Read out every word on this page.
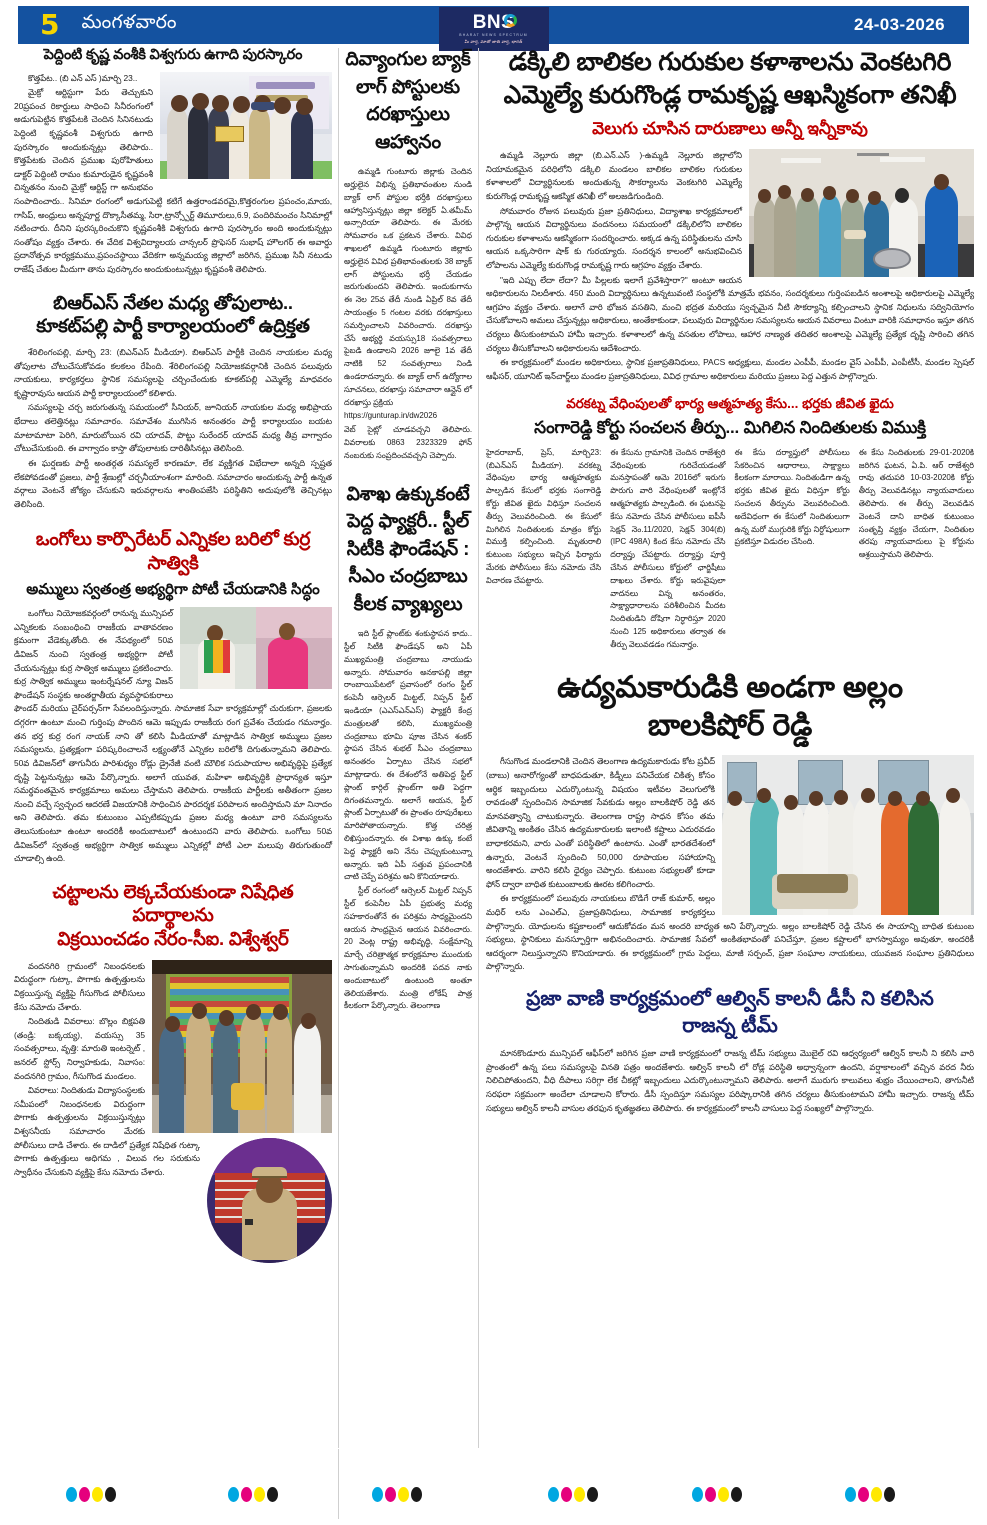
5 మంగళవారం	BNS
BHARAT NEWS SPECTRUM
మీ వార్త, మాతో జాతి వార్త, భారత్
24-03-2026
పెద్దింటి కృష్ణ వంశీకి విశ్వగురు ఉగాది పురస్కారం

కొత్తపేట.. (బి ఎన్ ఎస్ )మార్చి 23..

మైక్రో ఆర్టిస్టుగా పేరు తెచ్చుకుని 20ప్రపంచ రికార్డులు సాధించి సినీరంగంలో అడుగుపెట్టిన కొత్తపేటకి చెందిన సినినటుడు పెద్దింటి కృష్ణవంశీ విశ్వగురు ఉగాది పురస్కారం అందుకున్నట్లు తెలిపారు.. కొత్తపేటకు చెందిన ప్రముఖ పురోహితులు డాక్టర్ పెద్దింటి రామం కుమారుడైన కృష్ణవంశీ చిన్నతనం నుంచి మైక్రో ఆర్టిస్ట్ గా అనుభవం సంపాదించారు.. సినిమా రంగంలో అడుగుపెట్టి కటిగే ఉత్తరాండవరమై,కొత్తరంగుల ప్రపంచం,మాయ, గాసిప్, అంధ్రులు అన్నపూర్ణ దొక్కాసీతమ్మ, సిరా,ట్రాన్స్పోర్ట్ తిమూరులు,6.9, పందిరిమంచం సినిమాల్లో నటించారు. దీనిని పురస్కరించుకొని కృష్ణవంశీకి విశ్వగురు ఉగాది పురస్కారం అంది అందుకున్నట్లు సంతోషం వ్యక్తం చేశారు. ఈ వేదిక విశ్వవిద్యాలయ చాన్సలర్ ప్రొఫెసర్ సుభాష్ హౌలగర్ ఈ అవార్డు ప్రదానోత్సవ కార్యక్రమము,ప్రపంచస్థాయి వేదికగా అన్నమయ్య జిల్లాలో జరిగిన, ప్రముఖ సినీ నటుడు రాజేష్ చేతుల మీదుగా తాను పురస్కారం అందుకుంటున్నట్లు కృష్ణవంశీ తెలిపారు.

బిఆర్ఎస్ నేతల మధ్య తోపులాట..
కూకట్‌పల్లి పార్టీ కార్యాలయంలో ఉద్రిక్తత

శేరిలింగంపల్లి, మార్చి 23: (బిఎన్ఎస్ మీడియా). బిఆర్ఎస్ పార్టీకి చెందిన నాయకుల మధ్య తోపులాట చోటుచేసుకోవడం కలకలం రేపింది. శేరిలింగంపల్లి నియోజకవర్గానికి చెందిన పలువురు నాయకులు, కార్యకర్తలు స్థానిక సమస్యలపై చర్చించేందుకు కూకట్‌పల్లి ఎమ్మెల్యే మాధవరం కృష్ణారావుసు ఆయన పార్టీ కార్యాలయంలో కలిశారు.

సమస్యలపై చర్చ జరుగుతున్న సమయంలో సీనియర్, జూనియర్ నాయకుల మధ్య అభిప్రాయ భేదాలు తలెత్తినట్లు సమాచారం. సమావేశం ముగిసిన అనంతరం పార్టీ కార్యాలయం బయట మాటామాటా పెరిగి, మారుబోయిన రవి యాదవ్, పొట్టు సురేందర్ యాదవ్ మధ్య తీవ్ర వాగ్వాదం చోటుచేసుకుంది. ఈ వాగ్వాదం కాస్తా తోపులాటకు దారితీసినట్లు తెలిసింది.

ఈ ఘర్షణకు పార్టీ అంతర్గత సమస్యలే కారణమా, లేక వ్యక్తిగత విభేదాలా అన్నది స్పష్టత లేకపోవడంతో ప్రజలు, పార్టీ శ్రేణుల్లో చర్చనీయాంశంగా మారింది. సమాచారం అందుకున్న పార్టీ ఉన్నత వర్గాలు వెంటనే జోక్యం చేసుకుని ఇరువర్గాలను శాంతింపజేసి పరిస్థితిని అదుపులోకి తెచ్చినట్లు తెలిసింది.

ఒంగోలు కార్పొరేటర్ ఎన్నికల బరిలో కుర్ర సాత్వికి
అమ్ములు స్వతంత్ర అభ్యర్థిగా పోటీ చేయడానికి సిద్ధం

ఒంగోలు నియోజకవర్గంలో రానున్న మున్సిపల్ ఎన్నికలకు సంబంధించి రాజకీయ వాతావరణం క్రమంగా వేడెక్కుతోంది. ఈ నేపథ్యంలో 50వ డివిజన్ నుంచి స్వతంత్ర అభ్యర్థిగా పోటీ చేయనున్నట్లు కుర్ర సాత్విక అమ్ములు ప్రకటించారు. కుర్ర సాత్విక అమ్ములు ఇంటర్నేషనల్ న్యూ విజన్ ఫౌండేషన్ సంస్థకు అంతర్జాతీయ వ్యవస్థాపకురాలు ఫౌండర్ మరియు చైర్‌పర్సన్‌గా సేవలందిస్తున్నారు. సామాజిక సేవా కార్యక్రమాల్లో చురుకుగా, ప్రజలకు దగ్గరగా ఉంటూ మంచి గుర్తింపు పొందిన ఆమె ఇప్పుడు రాజకీయ రంగ ప్రవేశం చేయడం గమనార్హం. తన భర్త కుర్ర రంగ నాయక్ నాని తో కలిసి మీడియాతో మాట్లాడిన సాత్విక అమ్ములు ప్రజల సమస్యలను, ప్రత్యక్షంగా పరిష్కరించాలనే లక్ష్యంతోనే ఎన్నికల బరిలోకి దిగుతున్నామని తెలిపారు. 50వ డివిజన్‌లో తాగునీరు పారిశుధ్యం రోడ్లు డ్రైనేజీ వంటి మౌలిక సదుపాయాల అభివృద్ధిపై ప్రత్యేక దృష్టి పెట్టనున్నట్లు ఆమె పేర్కొన్నారు. అలాగే యువత, మహిళా అభివృద్ధికి ప్రాధాన్యత ఇస్తూ సమర్థవంతమైన కార్యక్రమాలు అమలు చేస్తామని తెలిపారు. రాజకీయ పార్టీలకు అతీతంగా ప్రజల నుంచి వచ్చే స్వచ్ఛంద ఆదరణే విజయానికి సాధించిన పారదర్శక పరిపాలన అందిస్తామని మా నినాదం అని తెలిపారు. తమ కుటుంబం ఎప్పటికప్పుడు ప్రజల మధ్య ఉంటూ వారి సమస్యలను తెలుసుకుంటూ ఉంటూ అందరికీ అందుబాటులో ఉంటుందని వారు తెలిపారు. ఒంగోలు 50వ డివిజన్‌లో స్వతంత్ర అభ్యర్థిగా సాత్విక అమ్ములు ఎన్నికల్లో పోటీ ఎలా మలుపు తిరుగుతుందో చూడాల్సి ఉంది.

చట్టాలను లెక్కచేయకుండా నిషేధిత పదార్థాలను
విక్రయించడం నేరం-సీఐ. విశ్వేశ్వర్

వందనగిరి గ్రామంలో నిబంధనలకు విరుద్ధంగా గుట్కా, పొగాకు ఉత్పత్తులను విక్రయిస్తున్న వ్యక్తిపై గీసుగొండ పోలీసులు కేసు నమోదు చేశారు.

నిందితుడి వివరాలు: బొల్లం బిక్షపతి (తండ్రి: బక్కయ్య), వయస్సు 35 సంవత్సరాలు, వృత్తి: మారుతి ఇంటర్నెట్ , జనరల్ స్టోర్స్ నిర్వాహకుడు, నివాసం: వందనగిరి గ్రామం, గీసుగొండ మండలం.

వివరాలు: నిందితుడు విద్యాసంస్థలకు సమీపంలో నిబంధనలకు విరుద్ధంగా పొగాకు ఉత్పత్తులను విక్రయిస్తున్నట్లు విశ్వసనీయ సమాచారం మేరకు పోలీసులు దాడి చేశారు. ఈ దాడిలో ప్రత్యేక నిషేధిత గుట్కా పొగాకు ఉత్పత్తులు అధిగమ , విలువ గల సరుకును స్వాధీనం చేసుకుని వ్యక్తిపై కేసు నమోదు చేశారు.

దివ్యాంగుల బ్యాక్ లాగ్ పోస్టులకు దరఖాస్తులు ఆహ్వానం

ఉమ్మడి గుంటూరు జిల్లాకు చెందిన అర్హులైన విభిన్న ప్రతిభావంతుల నుండి బ్యాక్ లాగ్ పోస్టుల భర్తీకి దరఖాస్తులు ఆహ్వానిస్తున్నట్లు జిల్లా కలెక్టర్ ఏ.తమీమ్ అన్సారియా తెలిపారు. ఈ మేరకు సోమవారం ఒక ప్రకటన చేశారు. వివిధ శాఖలలో ఉమ్మడి గుంటూరు జిల్లాకు అర్హులైన వివిధ ప్రతిభావంతులకు 38 బ్యాక్ లాగ్ పోస్టులను భర్తీ చేయడం జరుగుతుందని తెలిపారు. ఇందుకుగాను ఈ నెల 25వ తేదీ నుండి ఏప్రిల్ 8వ తేదీ సాయంత్రం 5 గంటల వరకు దరఖాస్తులు సమర్పించాలని వివరించారు. దరఖాస్తు చేసే అభ్యర్థి వయస్సు18 సంవత్సరాలు పైబడి ఉండాలని 2026 జూలై 1వ తేదీ నాటికి 52 సంవత్సరాలు నిండి ఉండరాదన్నారు. ఈ బ్యాక్ లాగ్ ఉద్యోగాల సూచనలు, దరఖాస్తు సమాచారా ఆన్లైన్ లో దరఖాస్తు ప్రక్రియ

https://gunturap.in/dw2026

వెబ్ సైట్లో చూడవచ్చని తెలిపారు. వివరాలకు 0863 2323329 ఫోన్ నంబరుకు సంప్రదించవచ్చని చెప్పారు.

విశాఖ ఉక్కుకంటే పెద్ద ఫ్యాక్టరీ.. స్టీల్ సిటీకి ఫౌండేషన్ : సీఎం చంద్రబాబు కీలక వ్యాఖ్యలు

ఇది స్టీల్ ప్లాంట్‌కు శంకుస్థాపన కాదు.. స్టీల్ సిటీకి ఫౌండేషన్ అని ఏపీ ముఖ్యమంత్రి చంద్రబాబు నాయుడు అన్నారు. సోమవారం అనకాపల్లి జిల్లా రాంబాయిపేటలో ప్రవాసంలో రంగం స్టీల్ కంపెనీ ఆర్సెలర్ మిట్టల్, నిప్పన్ స్టీల్ ఇండియా (ఎఎస్ఎన్ఎస్) ఫ్యాక్టరీ కేంద్ర మంత్రులతో కలిసి, ముఖ్యమంత్రి చంద్రబాబు భూమి పూజ చేసిన శంకర్ స్థాపన చేసిన శుభల్ సీఎం చంద్రబాబు అనంతరం ఏర్పాటు చేసిన సభలో మాట్లాడారు. ఈ దేశంలోనే అతిపెద్ద స్టీల్ ప్లాంట్ కార్గిల్ ప్లాంట్‌గా అతి పెద్దగా దిగంతమన్నారు. అలాగే ఆయన, స్టీల్ ప్లాంట్ ఏర్పాటుతో ఈ ప్రాంతం రూపురేఖలు మారిపోతాయన్నారు. కొత్త చరిత్ర లిఖిస్తుందన్నారు. ఈ విశాఖ ఉక్కు కంటే పెద్ద ఫ్యాక్టరీ అని నేను చెప్పుకుంటున్నా అన్నారు. ఇది ఏపీ సత్తువ ప్రపంచానికి చాటి చెప్పే పరిశ్రమ అని కొనియాడారు.

స్టీల్ రంగంలో ఆర్సెలర్ మిట్టల్ నిప్పన్ స్టీల్ కంపెనీల ఏపీ ప్రభుత్వ మధ్య సహకారంతోనే ఈ పరిశ్రమ సాధ్యమైందని ఆయన సాంధ్రమైన ఆయన వివరించారు. 20 వెంట్ల రాష్ట్ర అభివృద్ధి, సంక్షేమాన్ని మార్చే చరిత్రాత్మక కార్యక్రమాల ముందుకు సాగుతున్నామని అందరికి పదవ నాకు అందుబాటులో ఉంటుంది అంతూ తెలియజేశారు. మంత్రి లోకేష్ పాత్ర కీలకంగా పేర్కొన్నారు. తెలంగాణ

డక్కిలి బాలికల గురుకుల కళాశాలను వెంకటగిరి
ఎమ్మెల్యే కురుగొండ్ల రామకృష్ణ ఆఖస్మికంగా తనిఖీ
వెలుగు చూసిన దారుణాలు అన్నీ ఇన్నీకావు

ఉమ్మడి నెల్లూరు జిల్లా (బి.ఎన్.ఎస్ )-ఉమ్మడి నెల్లూరు జిల్లాలోని నియామకమైన పరిధిలోని డక్కిలి మండలం బాలికల బాలికల గురుకుల కళాశాలలో విద్యార్థినులకు అందుతున్న సౌకర్యాలను వెంకటగిరి ఎమ్మెల్యే కురుగొండ్ల రామకృష్ణ ఆకస్మిక తనిఖీ లో అలజడిగుండింది.

సోమవారం రోజున పలువురు ప్రజా ప్రతినిధులు, విద్యాశాఖ కార్యక్రమాలలో పాల్గొన్న ఆయన విద్యార్థినులు వందనంలు సమయంలో డక్కిలిలోని బాలికల గురుకుల కళాశాలను ఆకస్మికంగా సందర్శించారు. అక్కడ ఉన్న పరిస్థితులను చూసి ఆయన ఒక్కసారిగా షాక్ కు గురయ్యారు. సందర్శన కాలంలో అనుభవించిన లోపాలను ఎమ్మెల్యే కురుగొండ్ల రామకృష్ణ గారు ఆగ్రహం వ్యక్తం చేశారు.

"ఇది ఎప్పు లేదా లేదా? మీ పిల్లలకు ఇలాగే ప్రవేశిస్తారా?" అంటూ ఆయన అధికారులను నిలదీశారు. 450 మంది విద్యార్థినులు ఉన్నటువంటి సంస్థలోకి మాత్రమే భవనం, సందర్శకులు గుర్తింపబడిన అంశాలపై అధికారులపై ఎమ్మెల్యే ఆగ్రహం వ్యక్తం చేశారు. అలాగే వారి భోజన వసతిని, మంచి భద్రత మరియు స్వచ్ఛమైన నీటి సౌకర్యాన్ని కల్పించాలని స్థానిక నిధులను సద్వినియోగం చేసుకోవాలని అమలు చేస్తున్నట్లు అధికారులు, అంతేకాకుండా, పలువురు విద్యార్థినుల సమస్యలను ఆయన వివరాలు వింటూ వారికి సమాధానం ఇస్తూ తగిన చర్యలు తీసుకుంటామని హామీ ఇచ్చారు. కళాశాలలో ఉన్న వసతుల లోపాలు, ఆహార నాణ్యత తదితర అంశాలపై ఎమ్మెల్యే ప్రత్యేక దృష్టి సారించి తగిన చర్యలు తీసుకోవాలని అధికారులను ఆదేశించారు.

ఈ కార్యక్రమంలో మండల అధికారులు, స్థానిక ప్రజాప్రతినిధులు, PACS అధ్యక్షులు, మండల ఎంపీపీ, మండల వైస్ ఎంపీపీ, ఎంపీటీసీ, మండల స్పెషల్ ఆఫీసర్, యూనిట్ ఇన్‌చార్జ్‌లు మండల ప్రజాప్రతినిధులు, వివిధ గ్రామాల అధికారులు మరియు ప్రజలు పెద్ద ఎత్తున పాల్గొన్నారు.

వరకట్న వేధింపులతో భార్య ఆత్మహత్య కేసు... భర్తకు జీవిత ఖైదు
సంగారెడ్డి కోర్టు సంచలన తీర్పు... మిగిలిన నిందితులకు విముక్తి

హైదరాబాద్, ప్రెస్, మార్చి23: (బిఎన్ఎస్ మీడియా). వరకట్న వేధింపుల భార్య ఆత్మహత్యకు పాల్పడిన కేసులో భర్తకు సంగారెడ్డి కోర్టు జీవిత ఖైదు విధిస్తూ సంచలన తీర్పు వెలువరించింది. ఈ కేసులో మిగిలిన నిందితులకు మాత్రం కోర్టు విముక్తి కల్పించింది. మృతురాలి కుటుంబ సభ్యులు ఇచ్చిన ఫిర్యాదు మేరకు పోలీసులు కేసు నమోదు చేసి విచారణ చేపట్టారు.

ఈ కేసును గ్రామానికి చెందిన రాజేశ్వరి వేధింపులకు గురిచేయడంతో మనస్తాపంతో ఆమె 2016లో ఇరుగు పొరుగు వారి వేధింపులతో ఇంట్లోనే ఆత్మహత్యకు పాల్పడింది. ఈ ఘటనపై కేసు నమోదు చేసిన పోలీసులు ఐపీసీ సెక్షన్ నెం.11/2020, సెక్షన్ 304(బి) (IPC 498A) కింద కేసు నమోదు చేసి దర్యాప్తు చేపట్టారు. దర్యాప్తు పూర్తి చేసిన పోలీసులు కోర్టులో ఛార్జిషీటు దాఖలు చేశారు. కోర్టు ఇరువైపులా వాదనలు విన్న అనంతరం, సాక్ష్యాధారాలను పరిశీలించిన మీదట నిందితుడిని దోషిగా నిర్ధారిస్తూ 2020 నుంచి 125 అధికారులు తర్వాత ఈ తీర్పు వెలువడడం గమనార్హం.

ఈ కేసు దర్యాప్తులో పోలీసులు సేకరించిన ఆధారాలు, సాక్ష్యాలు కీలకంగా మారాయి. నిందితుడిగా ఉన్న భర్తకు జీవిత ఖైదు విధిస్తూ కోర్టు సంచలన తీర్పును వెలువరించింది. అదేవిధంగా ఈ కేసులో నిందితులుగా ఉన్న మరో ముగ్గురికి కోర్టు నిర్దోషులుగా ప్రకటిస్తూ విడుదల చేసింది.

ఈ కేసు నిందితులకు 29-01-2020కి జరిగిన ఘటన, ఏ.పి. ఆర్ రాజేశ్వరి రావు తదుపరి 10-03-2020కి కోర్టు తీర్పు వెలువడినట్లు న్యాయవాదులు తెలిపారు. ఈ తీర్పు వెలువడిన వెంటనే దాని బాధిత కుటుంబం సంతృప్తి వ్యక్తం చేయగా, నిందితుల తరపు న్యాయవాదులు పై కోర్టును ఆశ్రయిస్తామని తెలిపారు.

ఉద్యమకారుడికి అండగా అల్లం
బాలకిషోర్ రెడ్డి

గీసుగొండ మండలానికి చెందిన తెలంగాణ ఉద్యమకారుడు కోట ప్రవీద్ (బాబు) అనారోగ్యంతో బాధపడుతూ, కిడ్నీలు పనిచేయక చికిత్స కోసం ఆర్థిక ఇబ్బందులు ఎదుర్కొంటున్న విషయం ఇటీవల వెలుగులోకి రావడంతో స్పందించిన సామాజిక సేవకుడు అల్లం బాలకిషోర్ రెడ్డి తన మానవత్వాన్ని చాటుకున్నారు. తెలంగాణ రాష్ట్ర సాధన కోసం తమ జీవితాన్ని అంకితం చేసిన ఉద్యమకారులకు ఇలాంటి కష్టాలు ఎదురవడం బాధాకరమని, వారు ఎంతో పరిస్థితిలో ఉంటాను. ఎంతో భారతదేశంలో ఉన్నారు, వెంటనే స్పందించి 50,000 రూపాయల సహాయాన్ని అందజేశారు. వారిని కలిసి ధైర్యం చెప్పారు. కుటుంబ సభ్యులతో కూడా ఫోన్ ద్వారా బాధిత కుటుంబాలకు ఊరట కలిగించారు.

ఈ కార్యక్రమంలో పలువురు నాయకులు బొడిగే రాజ్ కుమార్, అల్లం మధిర్ లను ఎంఎల్ఎ, ప్రజాప్రతినిధులు, సామాజిక కార్యకర్తలు పాల్గొన్నారు. యోధులను కష్టకాలంలో ఆదుకోవడం మన అందరి బాధ్యత అని పేర్కొన్నారు. అల్లం బాలకిషోర్ రెడ్డి చేసిన ఈ సాయాన్ని బాధిత కుటుంబ సభ్యులు, స్థానికులు మనస్ఫూర్తిగా అభినందించారు. సామాజిక సేవలో అంకితభావంతో పనిచేస్తూ, ప్రజల కష్టాలలో భాగస్వామ్యం అవుతూ, అందరికీ ఆదర్శంగా నిలుస్తున్నారని కొనియాడారు. ఈ కార్యక్రమంలో గ్రామ పెద్దలు, మాజీ సర్పంచ్, ప్రజా సంఘాల నాయకులు, యువజన సంఘాల ప్రతినిధులు పాల్గొన్నారు.

ప్రజా వాణి కార్యక్రమంలో ఆల్విన్ కాలనీ డీసీ ని కలిసిన
రాజన్న టీమ్

మానకొండూరు మున్సిపల్ ఆఫీస్‌లో జరిగిన ప్రజా వాణి కార్యక్రమంలో రాజన్న టీమ్ సభ్యులు మొబైల్ రవి ఆధ్వర్యంలో ఆల్విన్ కాలనీ ని కలిసి వారి ప్రాంతంలో ఉన్న పలు సమస్యలపై వినతి పత్రం అందజేశారు. ఆల్విన్ కాలనీ లో రోడ్ల పరిస్థితి అధ్వాన్నంగా ఉందని, వర్షాకాలంలో వచ్చిన వరద నీరు నిలిచిపోతుందని, వీధి దీపాలు సరిగ్గా లేక చీకట్లో ఇబ్బందులు ఎదుర్కొంటున్నామని తెలిపారు. అలాగే మురుగు కాలువలు శుభ్రం చేయించాలని, తాగునీటి సరఫరా సక్రమంగా అందేలా చూడాలని కోరారు. డీసీ స్పందిస్తూ సమస్యల పరిష్కారానికి తగిన చర్యలు తీసుకుంటామని హామీ ఇచ్చారు. రాజన్న టీమ్ సభ్యులు అల్విన్ కాలనీ వాసుల తరఫున కృతజ్ఞతలు తెలిపారు. ఈ కార్యక్రమంలో కాలనీ వాసులు పెద్ద సంఖ్యలో పాల్గొన్నారు.
